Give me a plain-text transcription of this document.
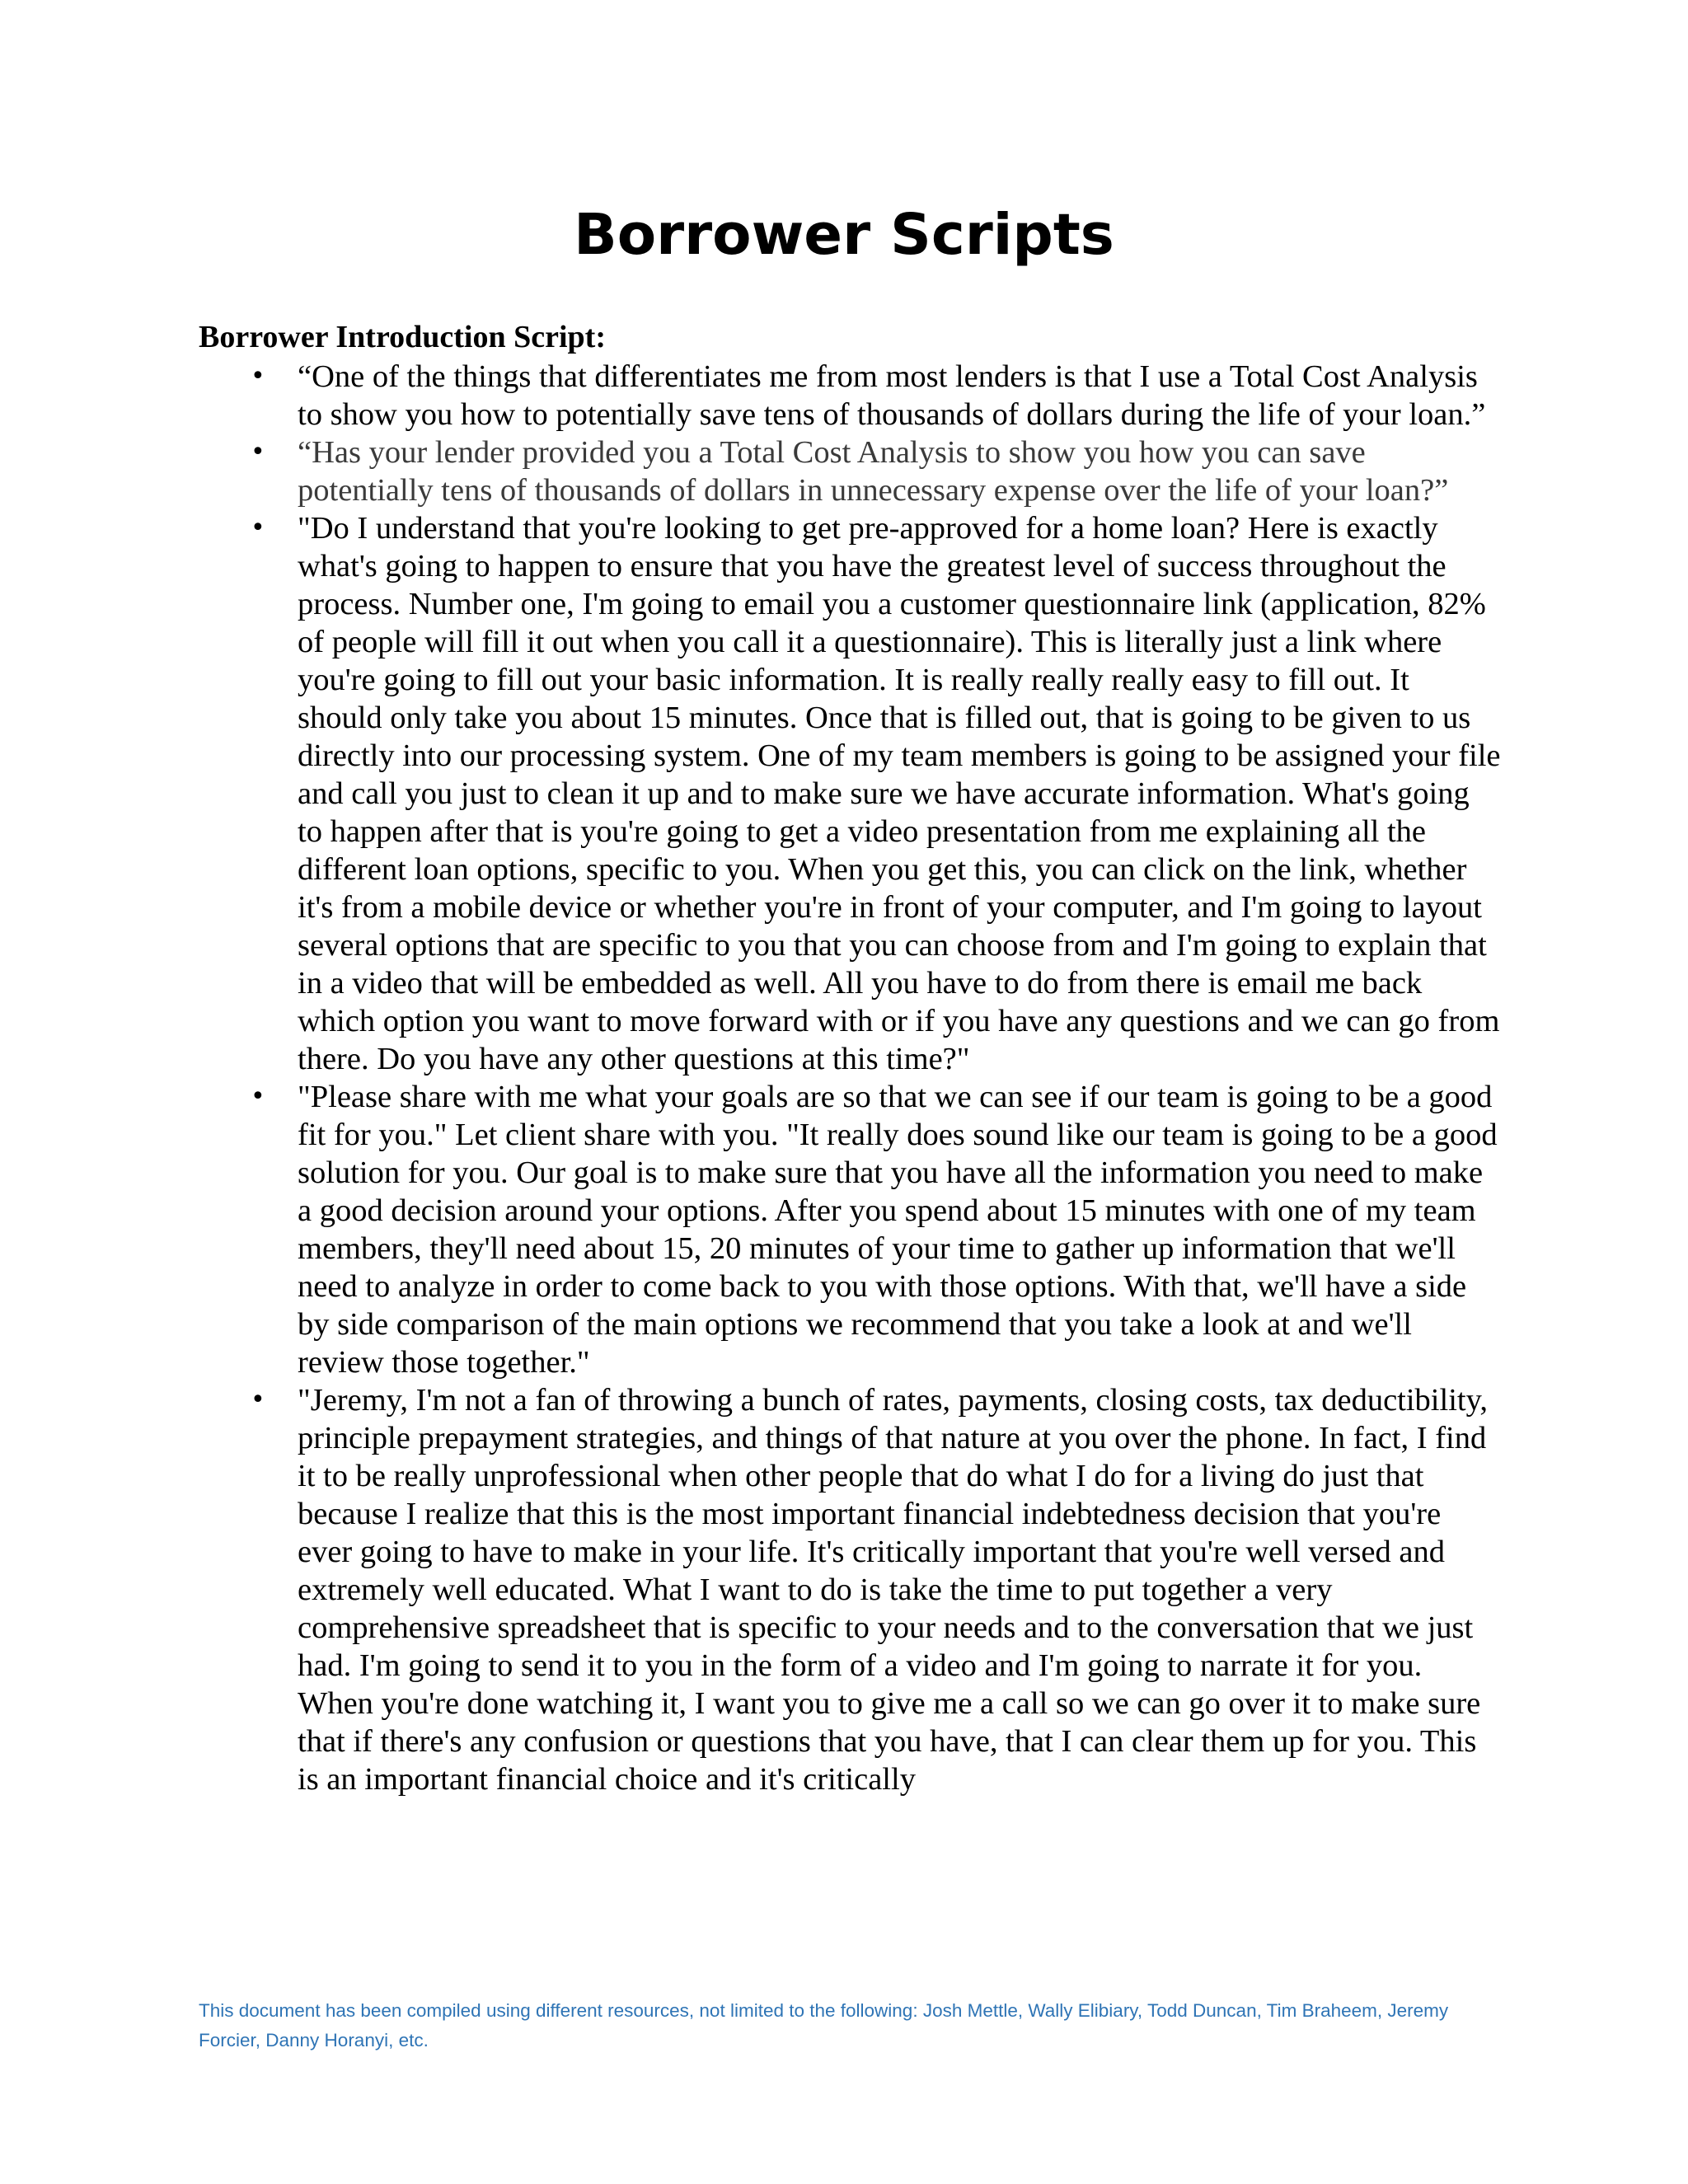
Borrower Scripts
Borrower Introduction Script:
• “One of the things that differentiates me from most lenders is that I use a Total Cost Analysis to show you how to potentially save tens of thousands of dollars during the life of your loan.”
• “Has your lender provided you a Total Cost Analysis to show you how you can save potentially tens of thousands of dollars in unnecessary expense over the life of your loan?”
• "Do I understand that you're looking to get pre-approved for a home loan? Here is exactly what's going to happen to ensure that you have the greatest level of success throughout the process. Number one, I'm going to email you a customer questionnaire link (application, 82% of people will fill it out when you call it a questionnaire). This is literally just a link where you're going to fill out your basic information. It is really really really easy to fill out. It should only take you about 15 minutes. Once that is filled out, that is going to be given to us directly into our processing system. One of my team members is going to be assigned your file and call you just to clean it up and to make sure we have accurate information. What's going to happen after that is you're going to get a video presentation from me explaining all the different loan options, specific to you. When you get this, you can click on the link, whether it's from a mobile device or whether you're in front of your computer, and I'm going to layout several options that are specific to you that you can choose from and I'm going to explain that in a video that will be embedded as well. All you have to do from there is email me back which option you want to move forward with or if you have any questions and we can go from there. Do you have any other questions at this time?"
• "Please share with me what your goals are so that we can see if our team is going to be a good fit for you." Let client share with you. "It really does sound like our team is going to be a good solution for you. Our goal is to make sure that you have all the information you need to make a good decision around your options. After you spend about 15 minutes with one of my team members, they'll need about 15, 20 minutes of your time to gather up information that we'll need to analyze in order to come back to you with those options. With that, we'll have a side by side comparison of the main options we recommend that you take a look at and we'll review those together."
• "Jeremy, I'm not a fan of throwing a bunch of rates, payments, closing costs, tax deductibility, principle prepayment strategies, and things of that nature at you over the phone. In fact, I find it to be really unprofessional when other people that do what I do for a living do just that because I realize that this is the most important financial indebtedness decision that you're ever going to have to make in your life. It's critically important that you're well versed and extremely well educated. What I want to do is take the time to put together a very comprehensive spreadsheet that is specific to your needs and to the conversation that we just had. I'm going to send it to you in the form of a video and I'm going to narrate it for you. When you're done watching it, I want you to give me a call so we can go over it to make sure that if there's any confusion or questions that you have, that I can clear them up for you. This is an important financial choice and it's critically
This document has been compiled using different resources, not limited to the following: Josh Mettle, Wally Elibiary, Todd Duncan, Tim Braheem, Jeremy Forcier, Danny Horanyi, etc.
